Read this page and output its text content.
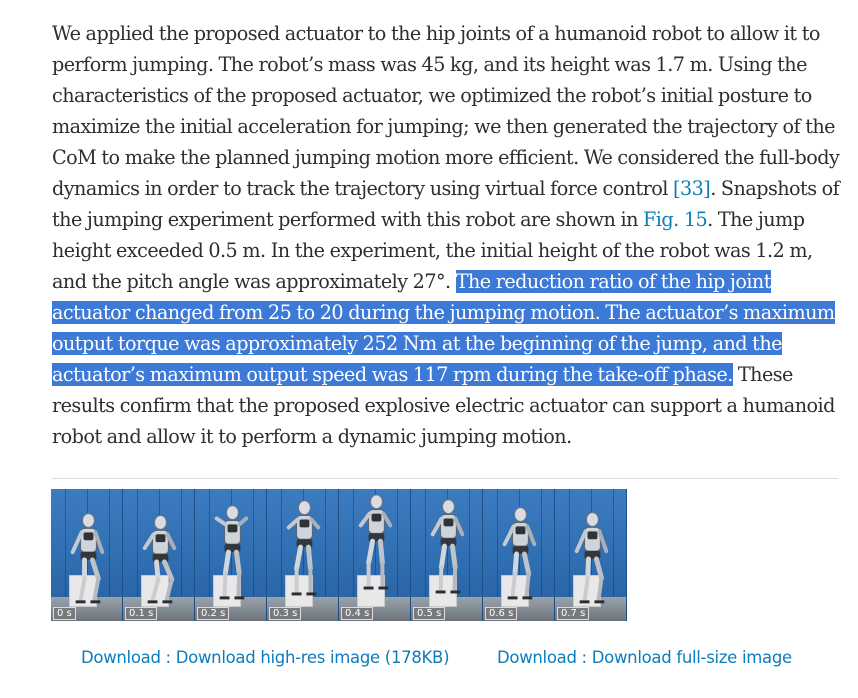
We applied the proposed actuator to the hip joints of a humanoid robot to allow it to perform jumping. The robot’s mass was 45 kg, and its height was 1.7 m. Using the characteristics of the proposed actuator, we optimized the robot’s initial posture to maximize the initial acceleration for jumping; we then generated the trajectory of the CoM to make the planned jumping motion more efficient. We considered the full-body dynamics in order to track the trajectory using virtual force control [33]. Snapshots of the jumping experiment performed with this robot are shown in Fig. 15. The jump height exceeded 0.5 m. In the experiment, the initial height of the robot was 1.2 m, and the pitch angle was approximately 27°. The reduction ratio of the hip joint actuator changed from 25 to 20 during the jumping motion. The actuator’s maximum output torque was approximately 252 Nm at the beginning of the jump, and the actuator’s maximum output speed was 117 rpm during the take-off phase. These results confirm that the proposed explosive electric actuator can support a humanoid robot and allow it to perform a dynamic jumping motion.

0 s	0.1 s	0.2 s	0.3 s	0.4 s	0.5 s	0.6 s	0.7 s
Download : Download high-res image (178KB)	Download : Download full-size image
